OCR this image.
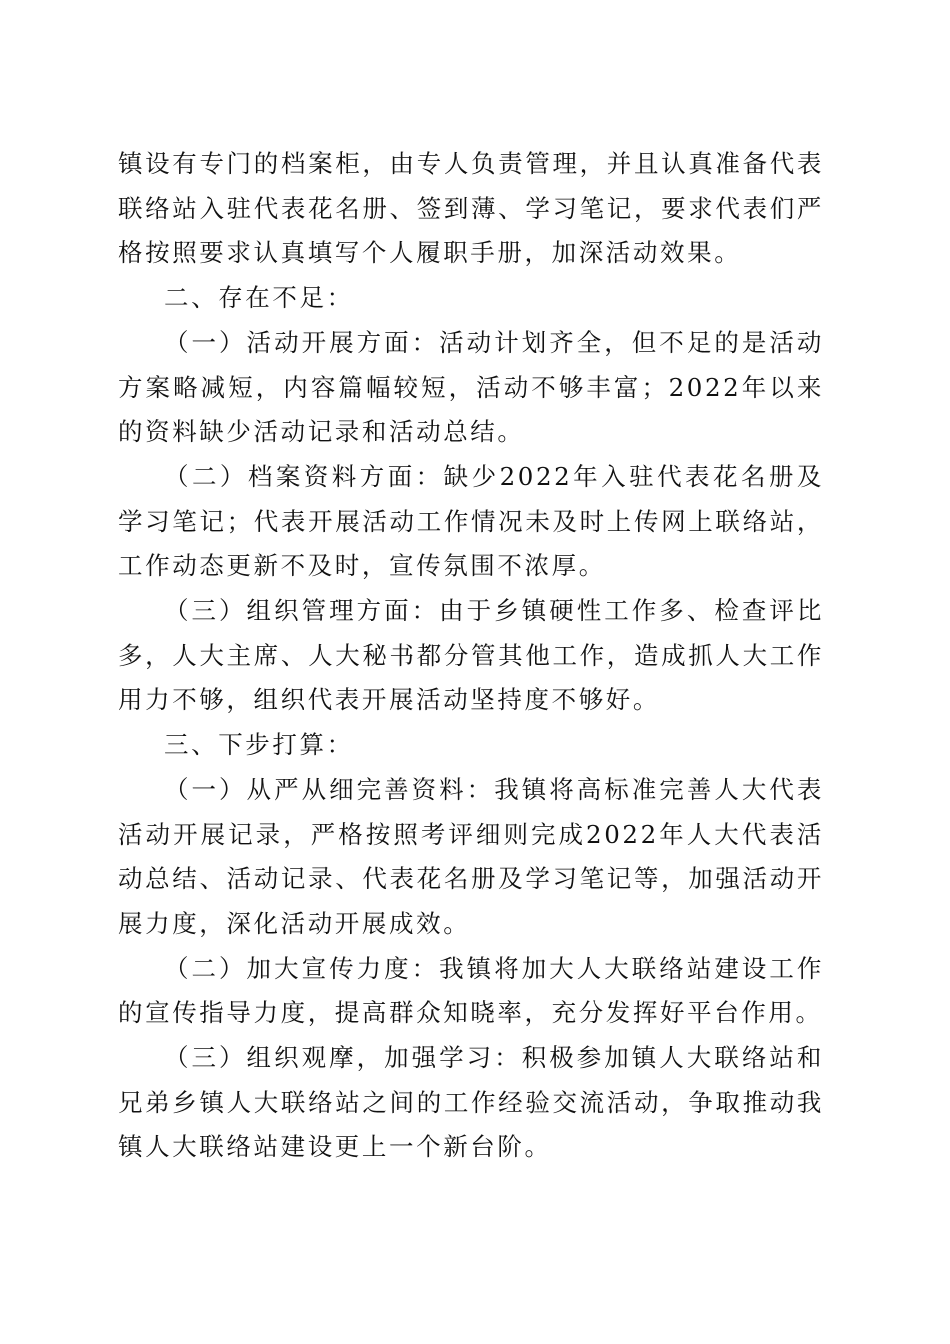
镇设有专门的档案柜，由专人负责管理，并且认真准备代表联络站入驻代表花名册、签到薄、学习笔记，要求代表们严格按照要求认真填写个人履职手册，加深活动效果。

二、存在不足：

（一）活动开展方面：活动计划齐全，但不足的是活动方案略减短，内容篇幅较短，活动不够丰富；2022年以来的资料缺少活动记录和活动总结。

（二）档案资料方面：缺少2022年入驻代表花名册及学习笔记；代表开展活动工作情况未及时上传网上联络站，工作动态更新不及时，宣传氛围不浓厚。

（三）组织管理方面：由于乡镇硬性工作多、检查评比多，人大主席、人大秘书都分管其他工作，造成抓人大工作用力不够，组织代表开展活动坚持度不够好。

三、下步打算：

（一）从严从细完善资料：我镇将高标准完善人大代表活动开展记录，严格按照考评细则完成2022年人大代表活动总结、活动记录、代表花名册及学习笔记等，加强活动开展力度，深化活动开展成效。

（二）加大宣传力度：我镇将加大人大联络站建设工作的宣传指导力度，提高群众知晓率，充分发挥好平台作用。

（三）组织观摩，加强学习：积极参加镇人大联络站和兄弟乡镇人大联络站之间的工作经验交流活动，争取推动我镇人大联络站建设更上一个新台阶。
